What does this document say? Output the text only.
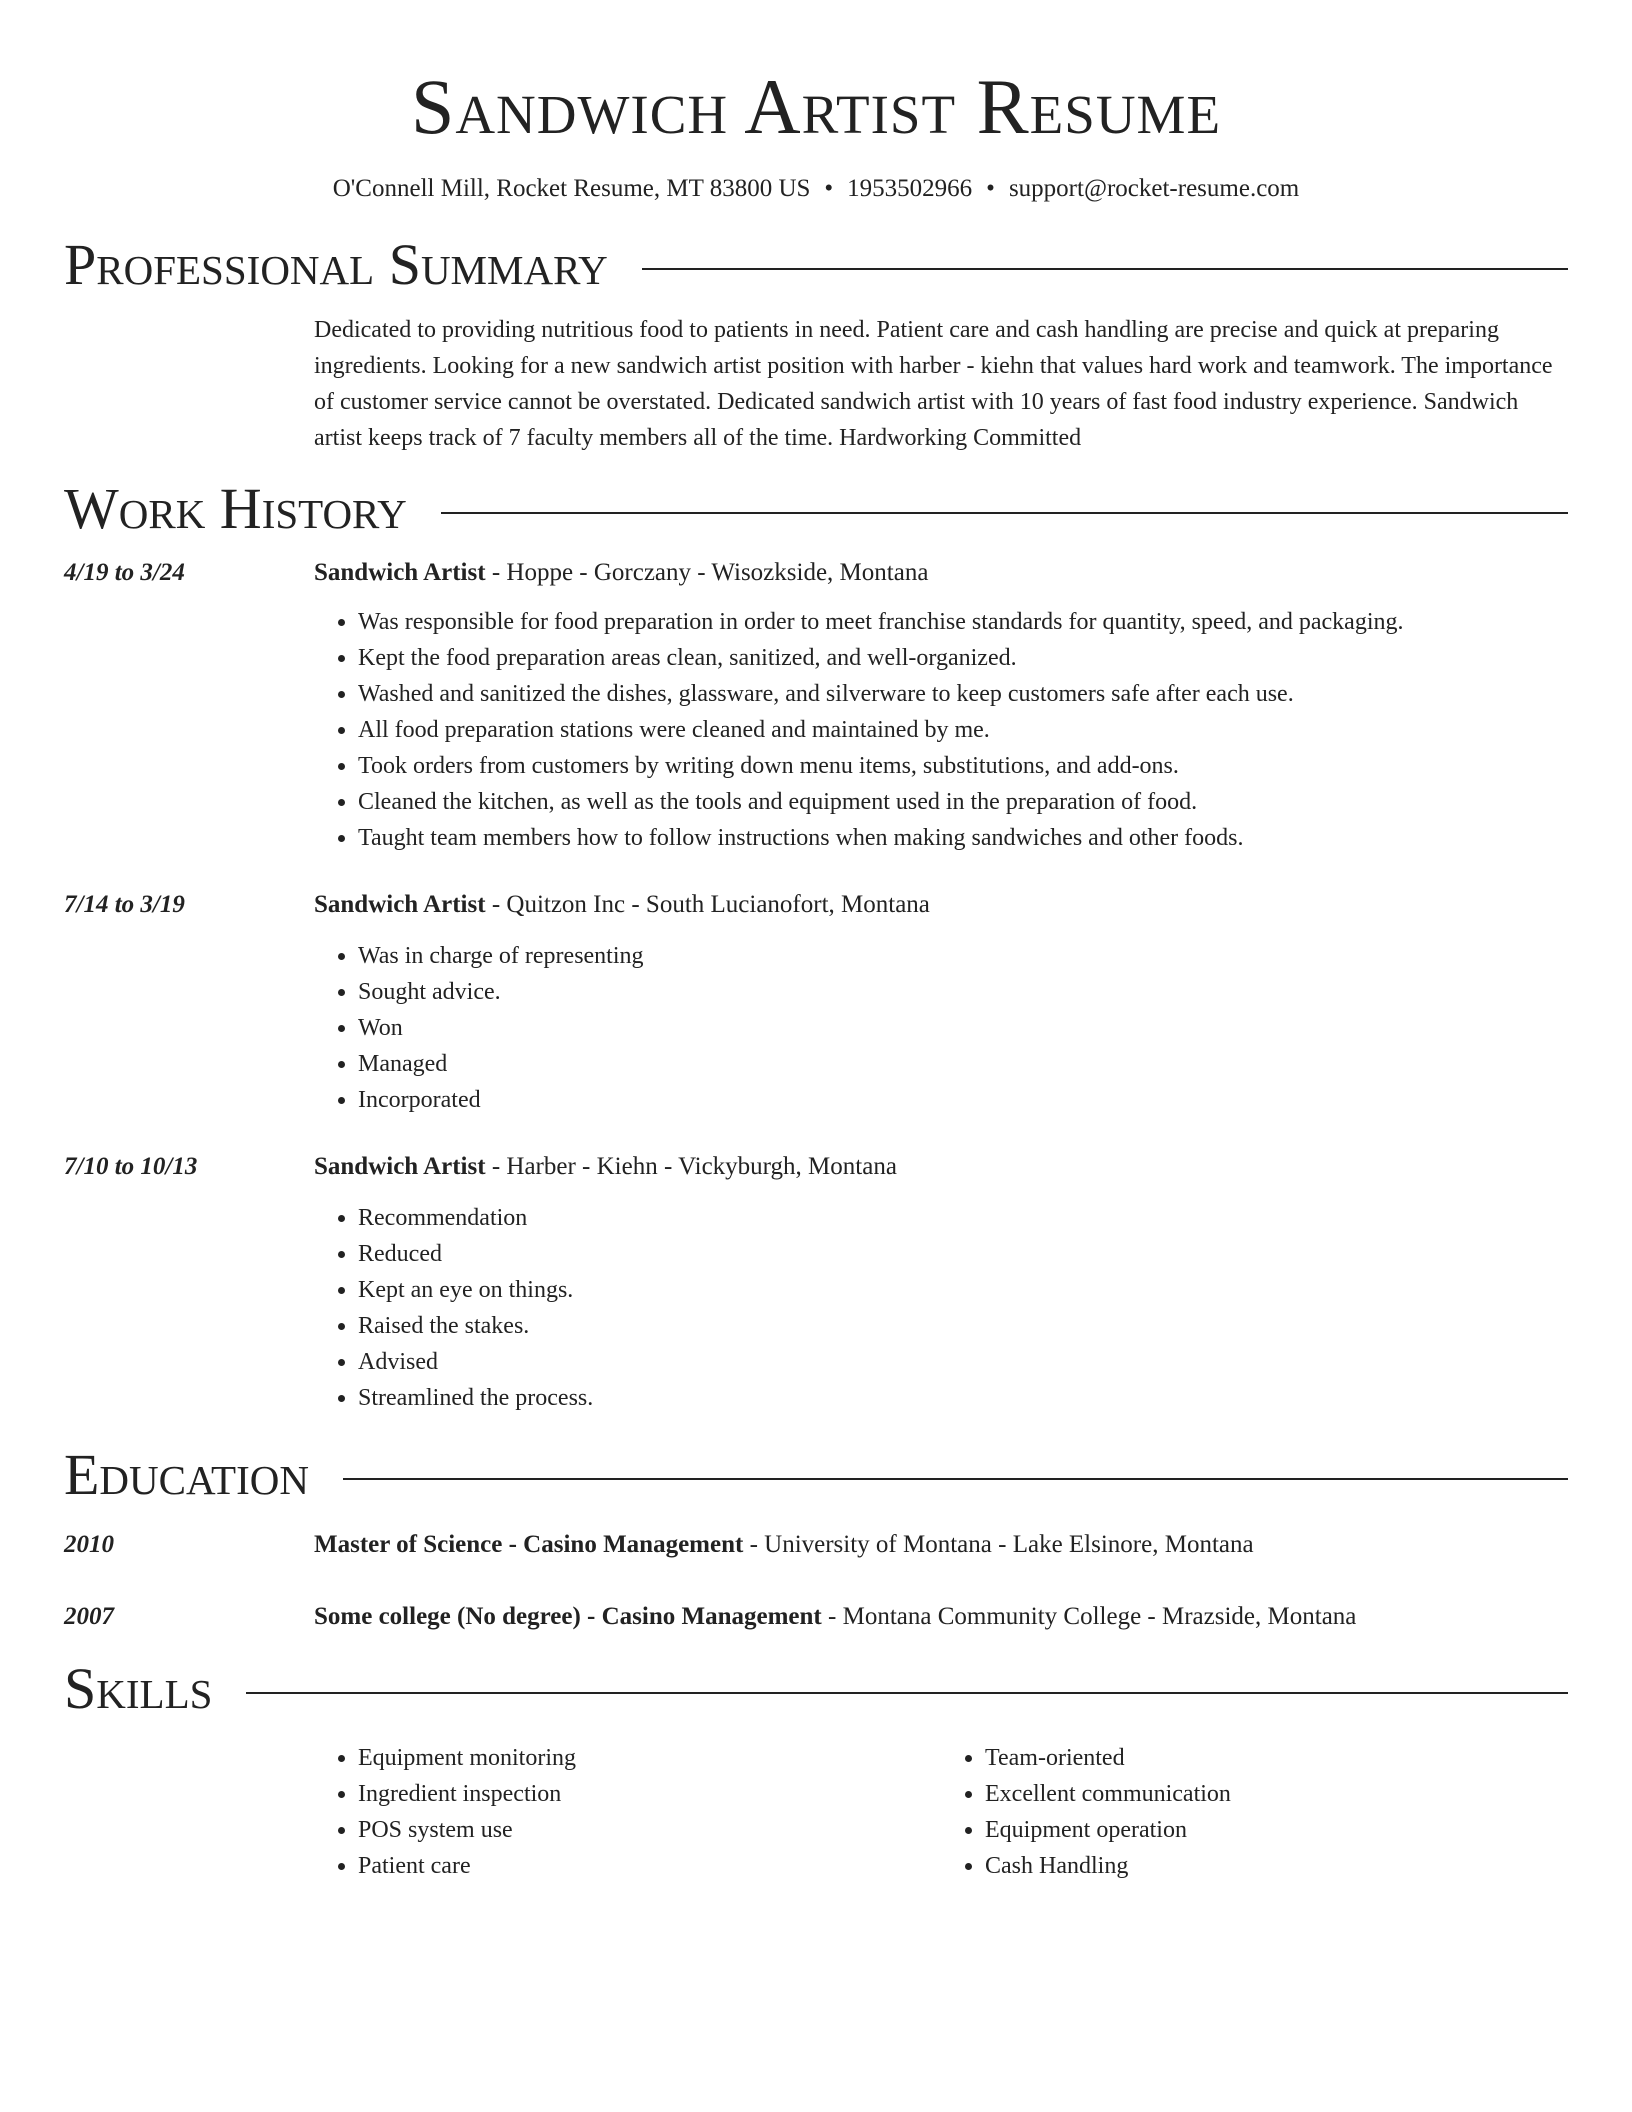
Sandwich Artist Resume
O'Connell Mill, Rocket Resume, MT 83800 US • 1953502966 • support@rocket-resume.com
Professional Summary
Dedicated to providing nutritious food to patients in need. Patient care and cash handling are precise and quick at preparing ingredients. Looking for a new sandwich artist position with harber - kiehn that values hard work and teamwork. The importance of customer service cannot be overstated. Dedicated sandwich artist with 10 years of fast food industry experience. Sandwich artist keeps track of 7 faculty members all of the time. Hardworking Committed
Work History
4/19 to 3/24	Sandwich Artist - Hoppe - Gorczany - Wisozkside, Montana
• Was responsible for food preparation in order to meet franchise standards for quantity, speed, and packaging.
• Kept the food preparation areas clean, sanitized, and well-organized.
• Washed and sanitized the dishes, glassware, and silverware to keep customers safe after each use.
• All food preparation stations were cleaned and maintained by me.
• Took orders from customers by writing down menu items, substitutions, and add-ons.
• Cleaned the kitchen, as well as the tools and equipment used in the preparation of food.
• Taught team members how to follow instructions when making sandwiches and other foods.
7/14 to 3/19	Sandwich Artist - Quitzon Inc - South Lucianofort, Montana
• Was in charge of representing
• Sought advice.
• Won
• Managed
• Incorporated
7/10 to 10/13	Sandwich Artist - Harber - Kiehn - Vickyburgh, Montana
• Recommendation
• Reduced
• Kept an eye on things.
• Raised the stakes.
• Advised
• Streamlined the process.
Education
2010	Master of Science - Casino Management - University of Montana - Lake Elsinore, Montana
2007	Some college (No degree) - Casino Management - Montana Community College - Mrazside, Montana
Skills
• Equipment monitoring
• Ingredient inspection
• POS system use
• Patient care
• Team-oriented
• Excellent communication
• Equipment operation
• Cash Handling
